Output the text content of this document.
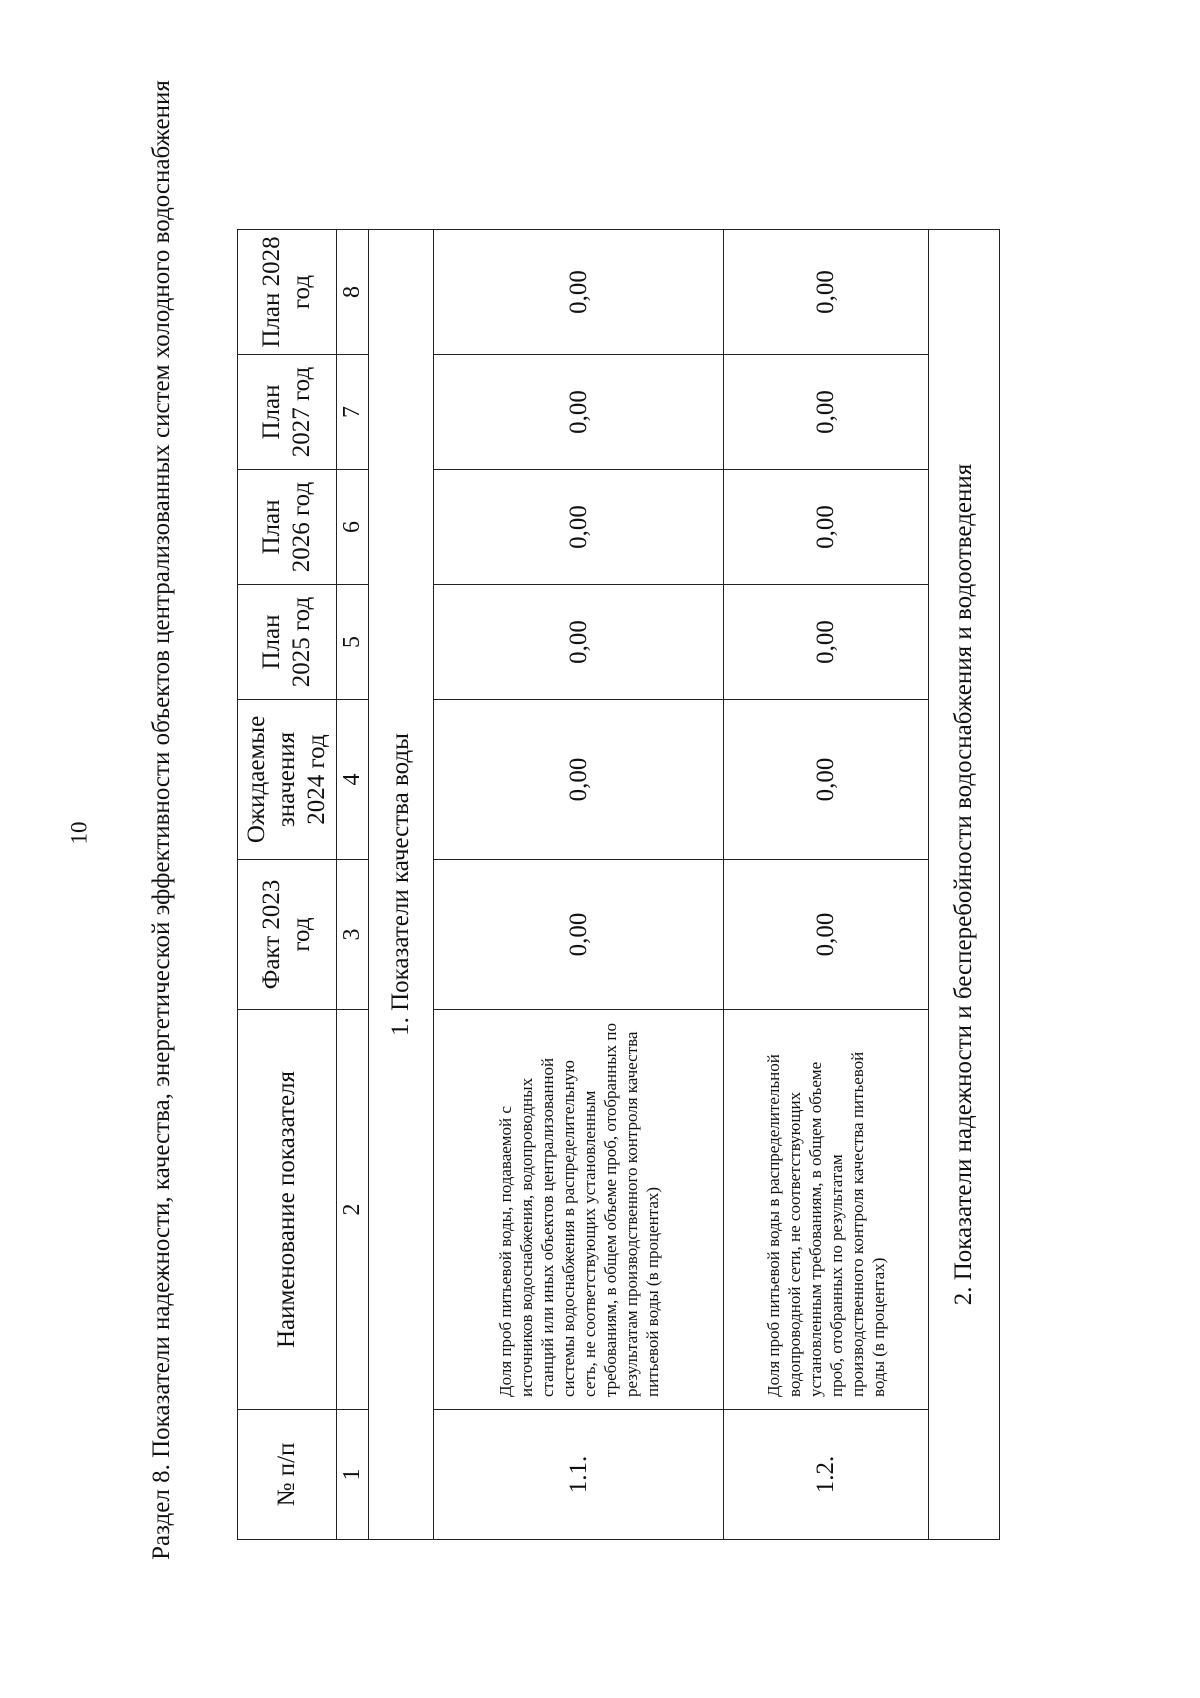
10 Раздел 8. Показатели надежности, качества, энергетической эффективности объектов централизованных систем холодного водоснабжения	№ п/п	Наименование показателя	Факт 2023 год	Ожидаемые значения 2024 год	План 2025 год	План 2026 год	План 2027 год	План 2028 год
1	2	3	4	5	6	7	8
1. Показатели качества воды							
1.1.	Доля проб питьевой воды, подаваемой с источников водоснабжения, водопроводных станций или иных объектов централизованной системы водоснабжения в распределительную сеть, не соответствующих установленным требованиям, в общем объеме проб, отобранных по результатам производственного контроля качества питьевой воды (в процентах)	0,00	0,00	0,00	0,00	0,00	0,00
1.2.	Доля проб питьевой воды в распределительной водопроводной сети, не соответствующих установленным требованиям, в общем объеме проб, отобранных по результатам производственного контроля качества питьевой воды (в процентах)	0,00	0,00	0,00	0,00	0,00	0,00
2. Показатели надежности и бесперебойности водоснабжения и водоотведения							
